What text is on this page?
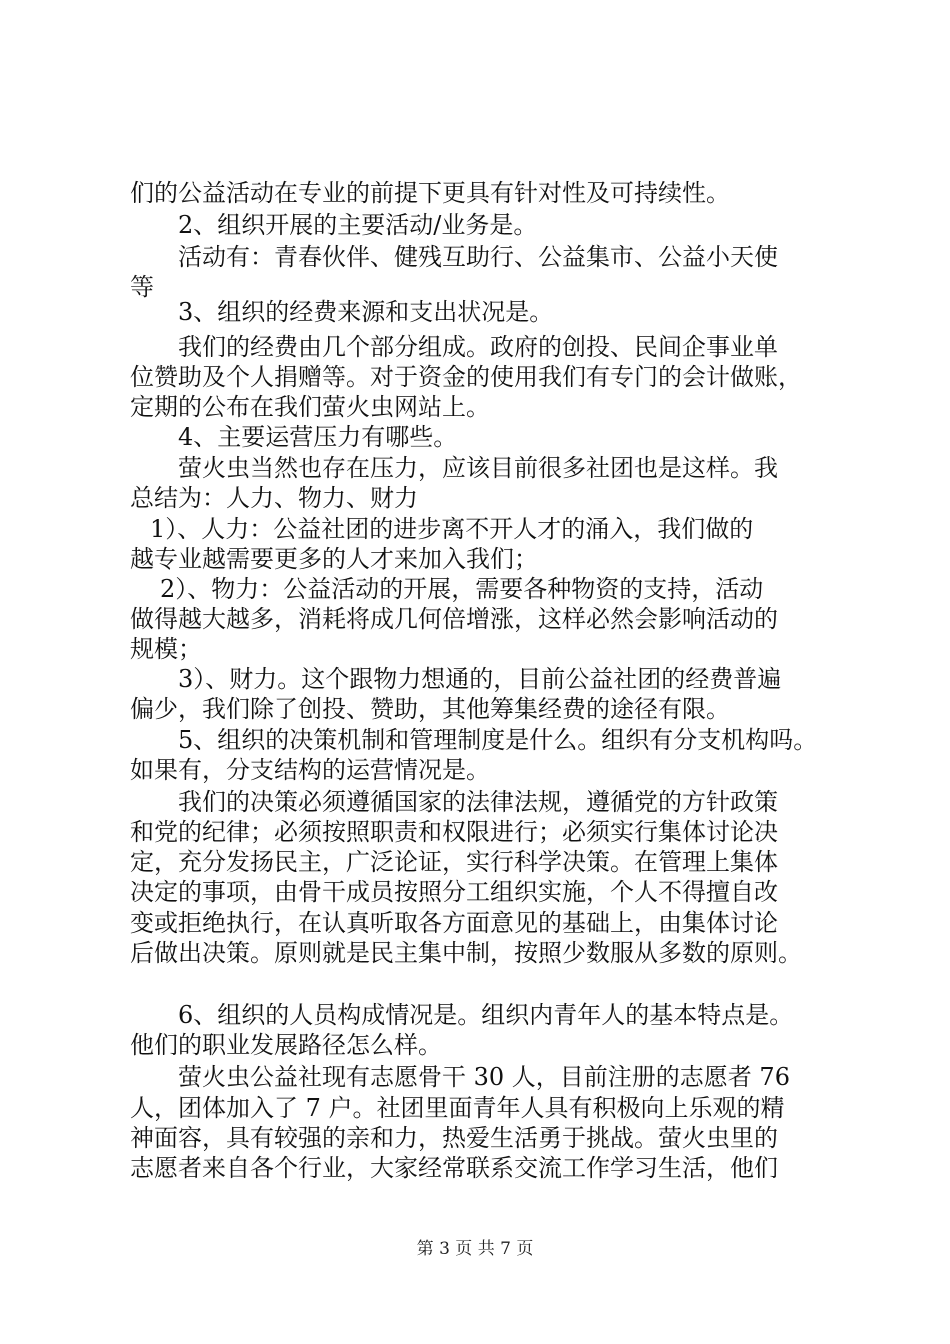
们的公益活动在专业的前提下更具有针对性及可持续性。
2、组织开展的主要活动/业务是。
活动有：青春伙伴、健残互助行、公益集市、公益小天使
等
3、组织的经费来源和支出状况是。
我们的经费由几个部分组成。政府的创投、民间企事业单
位赞助及个人捐赠等。对于资金的使用我们有专门的会计做账，
定期的公布在我们萤火虫网站上。
4、主要运营压力有哪些。
萤火虫当然也存在压力，应该目前很多社团也是这样。我
总结为：人力、物力、财力
1）、人力：公益社团的进步离不开人才的涌入，我们做的
越专业越需要更多的人才来加入我们；
2）、物力：公益活动的开展，需要各种物资的支持，活动
做得越大越多，消耗将成几何倍增涨，这样必然会影响活动的
规模；
3）、财力。这个跟物力想通的，目前公益社团的经费普遍
偏少，我们除了创投、赞助，其他筹集经费的途径有限。
5、组织的决策机制和管理制度是什么。组织有分支机构吗。
如果有，分支结构的运营情况是。
我们的决策必须遵循国家的法律法规，遵循党的方针政策
和党的纪律；必须按照职责和权限进行；必须实行集体讨论决
定，充分发扬民主，广泛论证，实行科学决策。在管理上集体
决定的事项，由骨干成员按照分工组织实施，个人不得擅自改
变或拒绝执行，在认真听取各方面意见的基础上，由集体讨论
后做出决策。原则就是民主集中制，按照少数服从多数的原则。
6、组织的人员构成情况是。组织内青年人的基本特点是。
他们的职业发展路径怎么样。
萤火虫公益社现有志愿骨干 30 人，目前注册的志愿者 76
人，团体加入了 7 户。社团里面青年人具有积极向上乐观的精
神面容，具有较强的亲和力，热爱生活勇于挑战。萤火虫里的
志愿者来自各个行业，大家经常联系交流工作学习生活，他们
第 3 页 共 7 页
